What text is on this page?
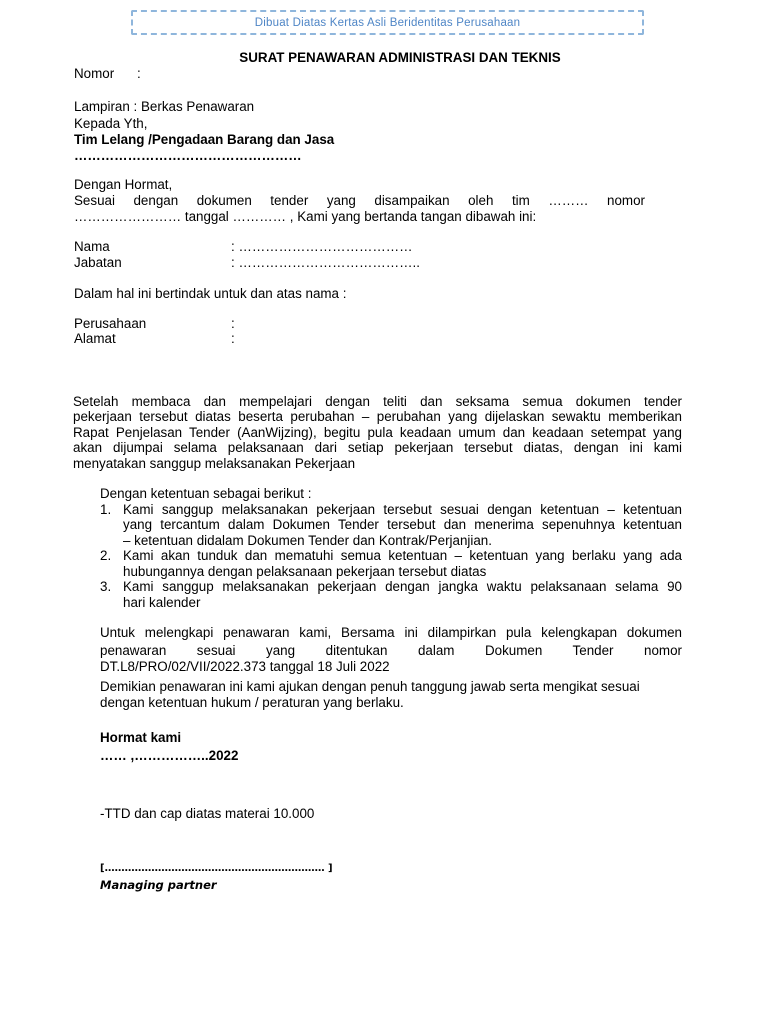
Dibuat Diatas Kertas Asli Beridentitas Perusahaan
SURAT PENAWARAN ADMINISTRASI DAN TEKNIS
Nomor :
Lampiran : Berkas Penawaran
Kepada Yth,
Tim Lelang /Pengadaan Barang dan Jasa
……………………………………………
Dengan Hormat,
Sesuai dengan dokumen tender yang disampaikan oleh tim ……… nomor
…………………… tanggal ………… , Kami yang bertanda tangan dibawah ini:
Nama	: …………………………………
Jabatan	: …………………………………..
Dalam hal ini bertindak untuk dan atas nama :
Perusahaan	:
Alamat	:
Setelah membaca dan mempelajari dengan teliti dan seksama semua dokumen tender
pekerjaan tersebut diatas beserta perubahan – perubahan yang dijelaskan sewaktu memberikan
Rapat Penjelasan Tender (AanWijzing), begitu pula keadaan umum dan keadaan setempat yang
akan dijumpai selama pelaksanaan dari setiap pekerjaan tersebut diatas, dengan ini kami
menyatakan sanggup melaksanakan Pekerjaan
Dengan ketentuan sebagai berikut :
1. Kami sanggup melaksanakan pekerjaan tersebut sesuai dengan ketentuan – ketentuan
yang tercantum dalam Dokumen Tender tersebut dan menerima sepenuhnya ketentuan
– ketentuan didalam Dokumen Tender dan Kontrak/Perjanjian.
2. Kami akan tunduk dan mematuhi semua ketentuan – ketentuan yang berlaku yang ada
hubungannya dengan pelaksanaan pekerjaan tersebut diatas
3. Kami sanggup melaksanakan pekerjaan dengan jangka waktu pelaksanaan selama 90
hari kalender
Untuk melengkapi penawaran kami, Bersama ini dilampirkan pula kelengkapan dokumen
penawaran sesuai yang ditentukan dalam Dokumen Tender nomor
DT.L8/PRO/02/VII/2022.373 tanggal 18 Juli 2022
Demikian penawaran ini kami ajukan dengan penuh tanggung jawab serta mengikat sesuai
dengan ketentuan hukum / peraturan yang berlaku.
Hormat kami
…… ,……………..2022
-TTD dan cap diatas materai 10.000
[………………………………………………………… ]
Managing partner
